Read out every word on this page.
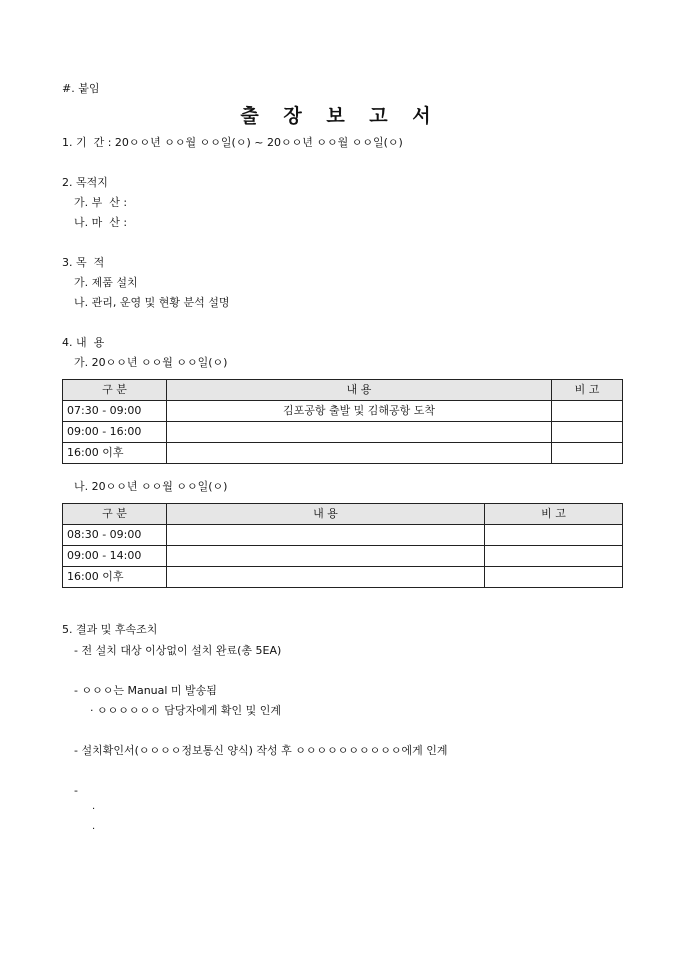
#. 붙임
출 장 보 고 서
1. 기  간 : 20ㅇㅇ년 ㅇㅇ월 ㅇㅇ일(ㅇ) ~ 20ㅇㅇ년 ㅇㅇ월 ㅇㅇ일(ㅇ)
2. 목적지
가. 부  산 :
나. 마  산 :
3. 목  적
가. 제품 설치
나. 관리, 운영 및 현황 분석 설명
4. 내  용
가. 20ㅇㅇ년 ㅇㅇ월 ㅇㅇ일(ㅇ)
구 분	내 용	비 고
07:30 - 09:00	김포공항 출발 및 김해공항 도착	
09:00 - 16:00		
16:00 이후		
나. 20ㅇㅇ년 ㅇㅇ월 ㅇㅇ일(ㅇ)
구 분	내 용	비 고
08:30 - 09:00		
09:00 - 14:00		
16:00 이후		
5. 결과 및 후속조치
- 전 설치 대상 이상없이 설치 완료(총 5EA)
- ㅇㅇㅇ는 Manual 미 발송됨
· ㅇㅇㅇㅇㅇㅇ 담당자에게 확인 및 인계
- 설치확인서(ㅇㅇㅇㅇ정보통신 양식) 작성 후 ㅇㅇㅇㅇㅇㅇㅇㅇㅇㅇ에게 인계
-
·
·
